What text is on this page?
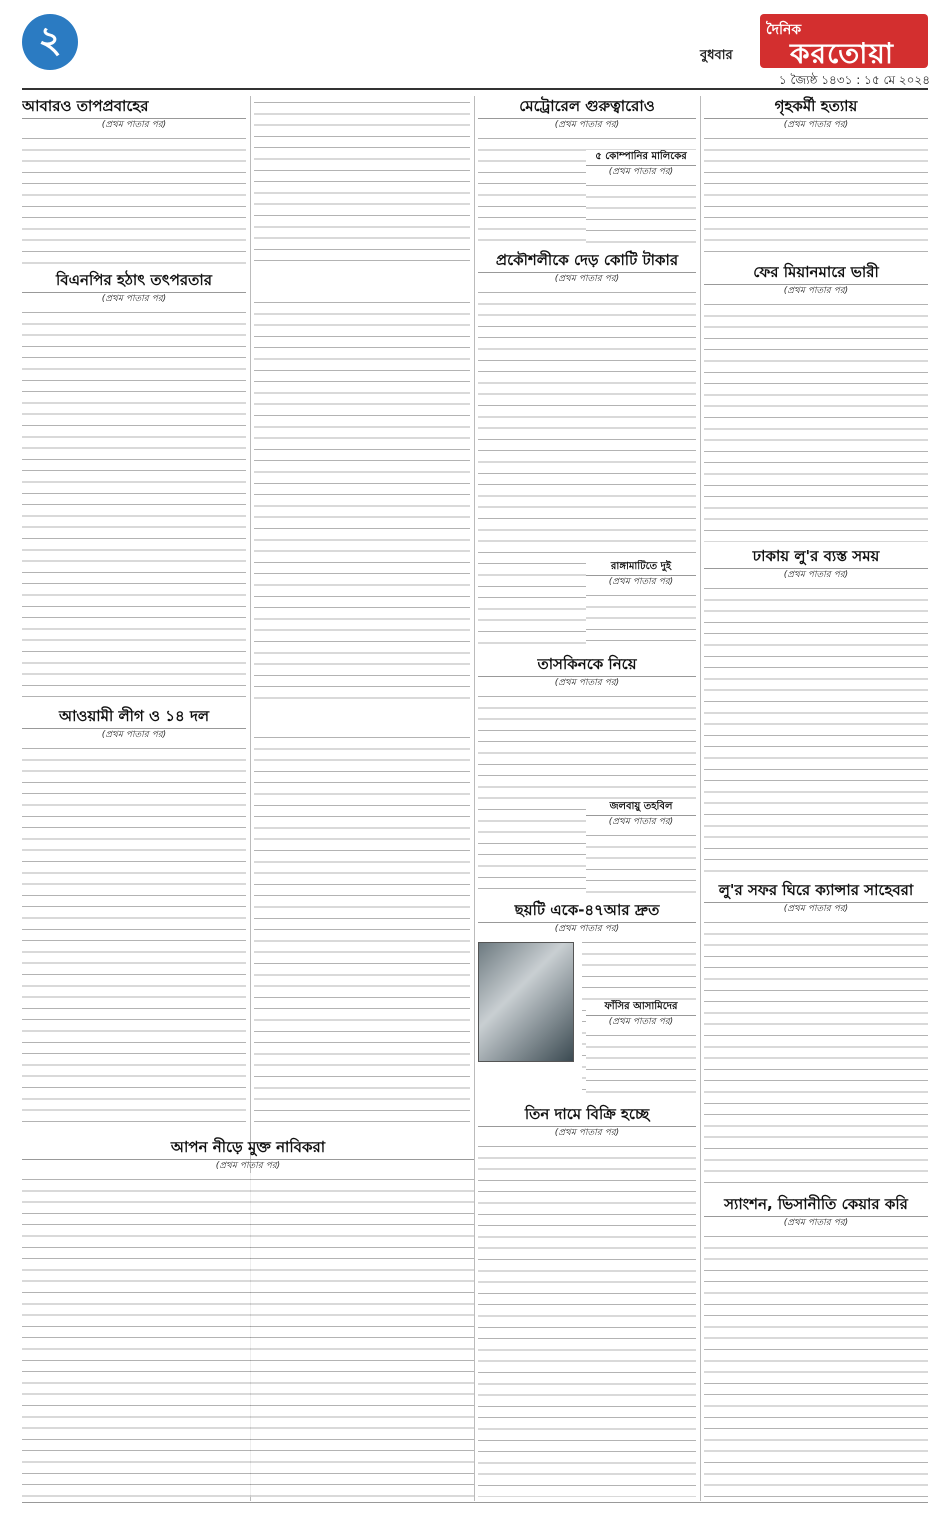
২	বুধবার
দৈনিক
করতোয়া
১ জ্যৈষ্ঠ ১৪৩১ : ১৫ মে ২০২৪
আবারও তাপপ্রবাহের
(প্রথম পাতার পর)
বিএনপির হঠাৎ তৎপরতার
(প্রথম পাতার পর)
আওয়ামী লীগ ও ১৪ দল
(প্রথম পাতার পর)
আপন নীড়ে মুক্ত নাবিকরা
(প্রথম পাতার পর)
মেট্রোরেল গুরুত্বারোও
(প্রথম পাতার পর)
প্রকৌশলীকে দেড় কোটি টাকার
(প্রথম পাতার পর)
তাসকিনকে নিয়ে
(প্রথম পাতার পর)
ছয়টি একে-৪৭আর দ্রুত
(প্রথম পাতার পর)
তিন দামে বিক্রি হচ্ছে
(প্রথম পাতার পর)
গৃহকর্মী হত্যায়
(প্রথম পাতার পর)
ফের মিয়ানমারে ভারী
(প্রথম পাতার পর)
ঢাকায় লু'র ব্যস্ত সময়
(প্রথম পাতার পর)
লু'র সফর ঘিরে ক্যান্সার সাহেবরা
(প্রথম পাতার পর)
স্যাংশন, ভিসানীতি কেয়ার করি
(প্রথম পাতার পর)
৫ কোম্পানির মালিকের
(প্রথম পাতার পর)
রাঙ্গামাটিতে দুই
(প্রথম পাতার পর)
জলবায়ু তহবিল
(প্রথম পাতার পর)
ফাঁসির আসামিদের
(প্রথম পাতার পর)
